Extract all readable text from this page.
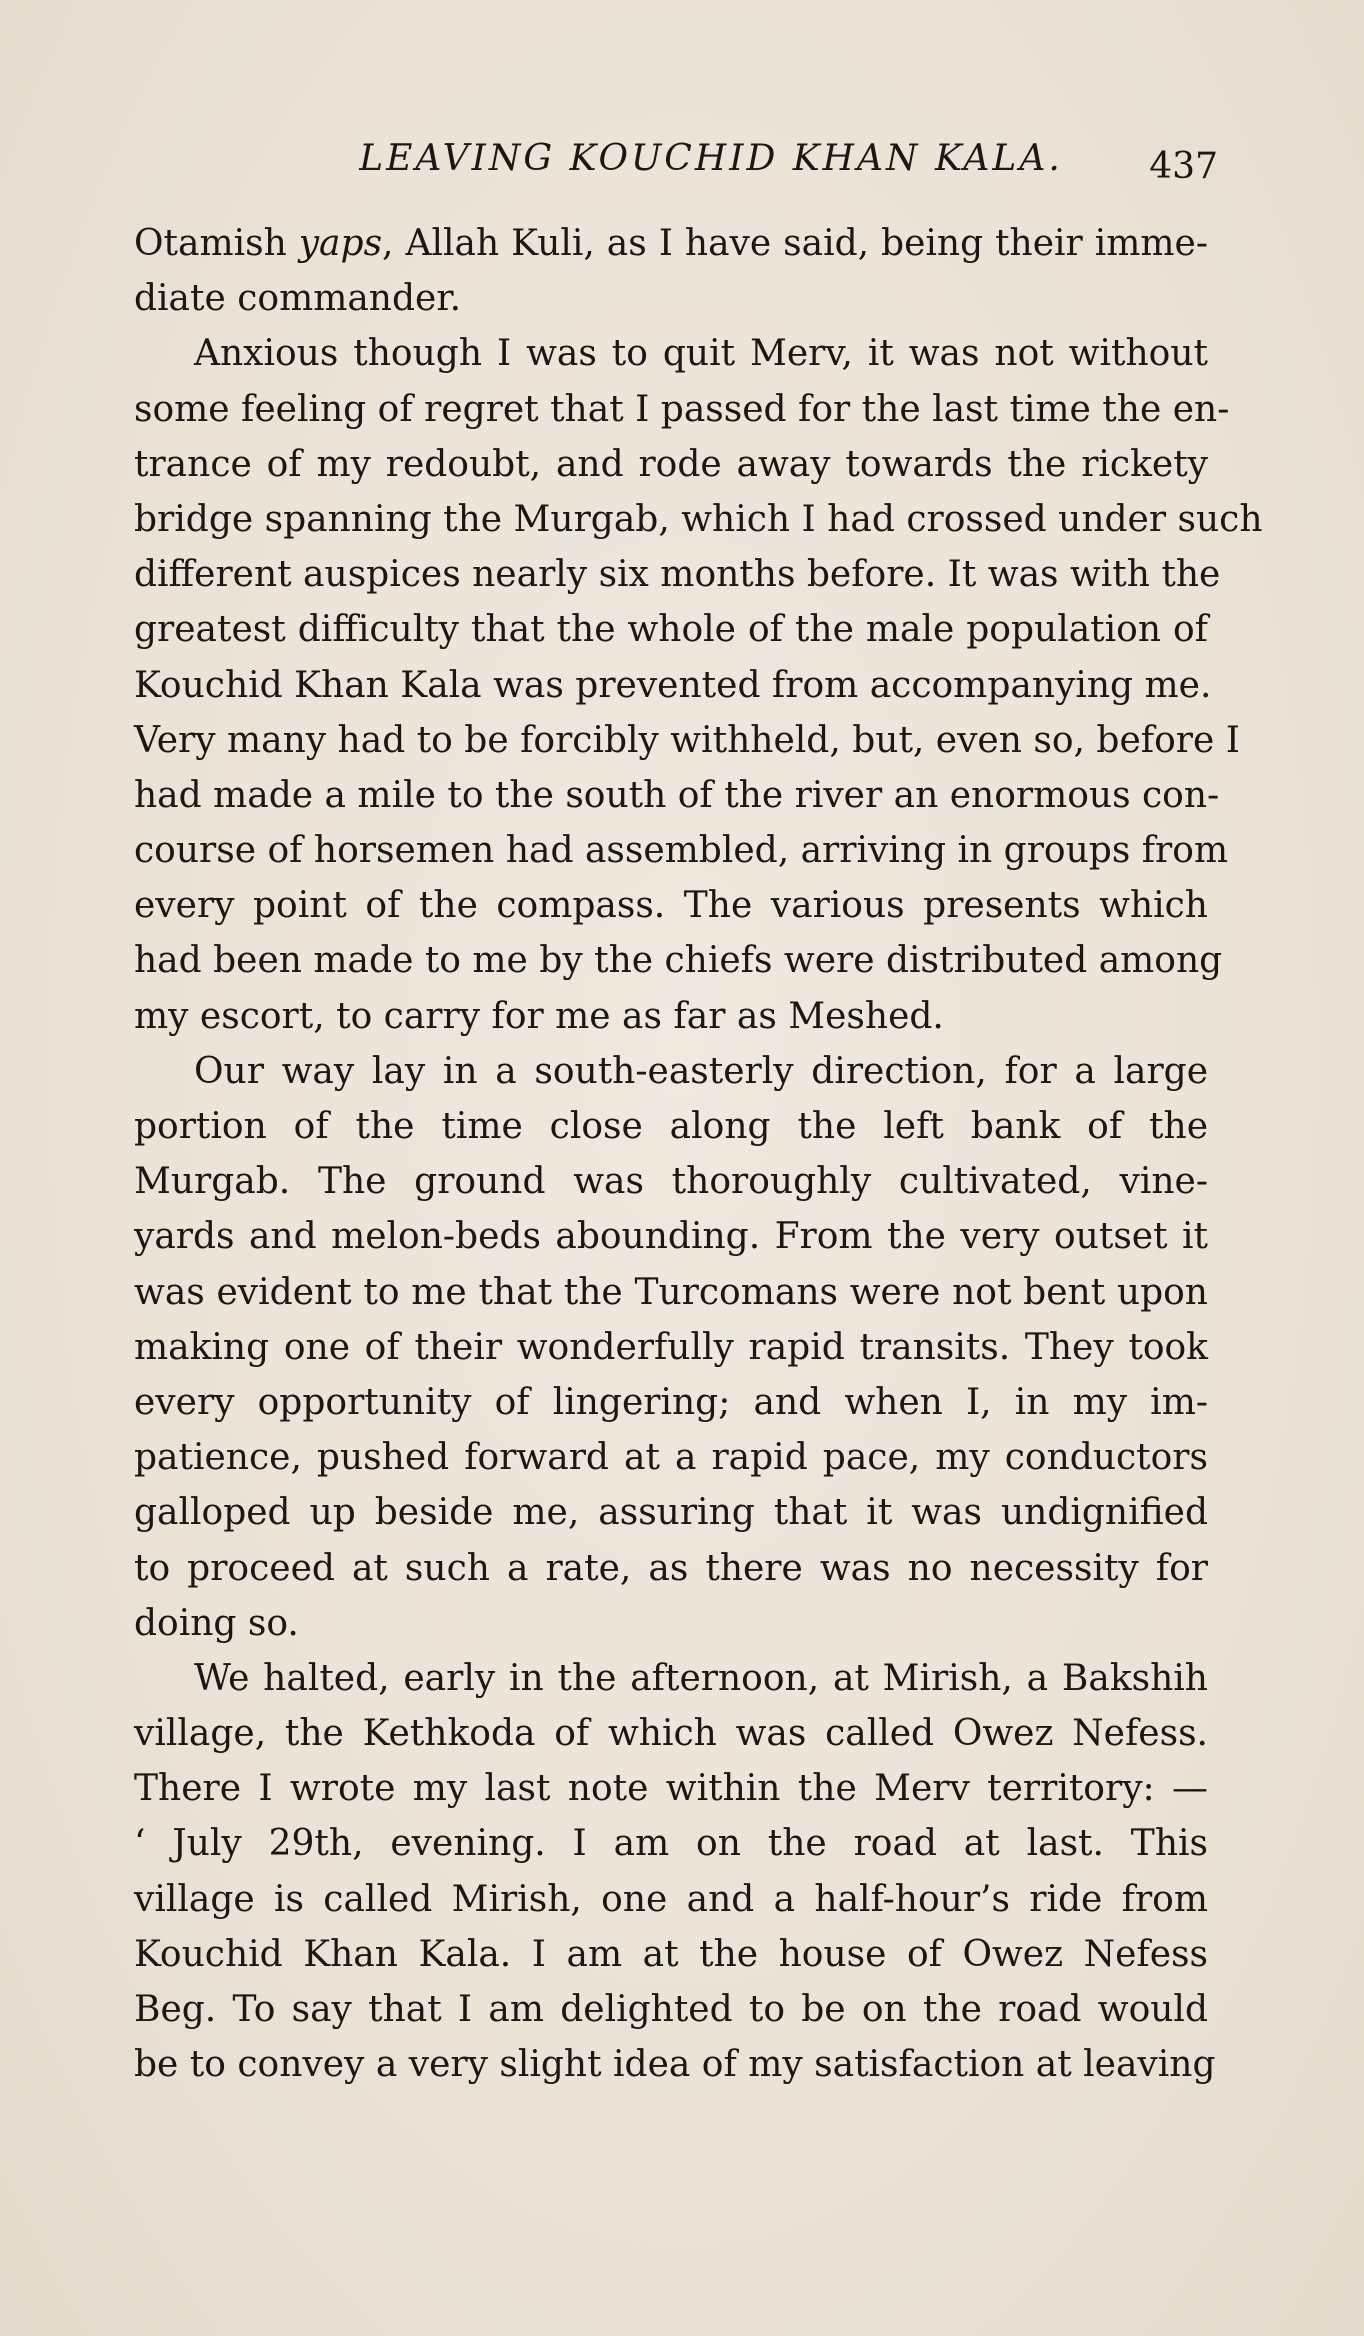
LEAVING KOUCHID KHAN KALA.	437
Otamish yaps, Allah Kuli, as I have said, being their imme-
diate commander.
Anxious though I was to quit Merv, it was not without
some feeling of regret that I passed for the last time the en-
trance of my redoubt, and rode away towards the rickety
bridge spanning the Murgab, which I had crossed under such
different auspices nearly six months before. It was with the
greatest difficulty that the whole of the male population of
Kouchid Khan Kala was prevented from accompanying me.
Very many had to be forcibly withheld, but, even so, before I
had made a mile to the south of the river an enormous con-
course of horsemen had assembled, arriving in groups from
every point of the compass. The various presents which
had been made to me by the chiefs were distributed among
my escort, to carry for me as far as Meshed.
Our way lay in a south-easterly direction, for a large
portion of the time close along the left bank of the
Murgab. The ground was thoroughly cultivated, vine-
yards and melon-beds abounding. From the very outset it
was evident to me that the Turcomans were not bent upon
making one of their wonderfully rapid transits. They took
every opportunity of lingering; and when I, in my im-
patience, pushed forward at a rapid pace, my conductors
galloped up beside me, assuring that it was undignified
to proceed at such a rate, as there was no necessity for
doing so.
We halted, early in the afternoon, at Mirish, a Bakshih
village, the Kethkoda of which was called Owez Nefess.
There I wrote my last note within the Merv territory: —
‘ July 29th, evening. I am on the road at last. This
village is called Mirish, one and a half-hour’s ride from
Kouchid Khan Kala. I am at the house of Owez Nefess
Beg. To say that I am delighted to be on the road would
be to convey a very slight idea of my satisfaction at leaving
